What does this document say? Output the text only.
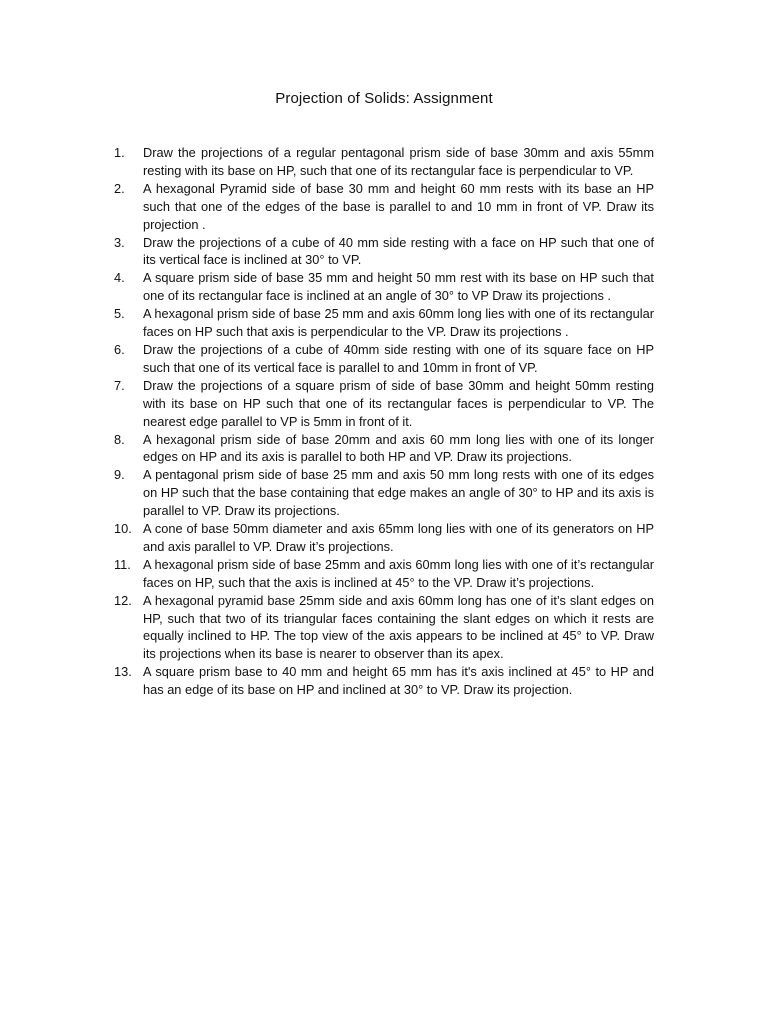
Projection of Solids: Assignment
1.	Draw the projections of a regular pentagonal prism side of base 30mm and axis 55mm resting with its base on HP, such that one of its rectangular face is perpendicular to VP.
2.	A hexagonal Pyramid side of base 30 mm and height 60 mm rests with its base an HP such that one of the edges of the base is parallel to and 10 mm in front of VP. Draw its projection .
3.	Draw the projections of a cube of 40 mm side resting with a face on HP such that one of its vertical face is inclined at 30° to VP.
4.	A square prism side of base 35 mm and height 50 mm rest with its base on HP such that one of its rectangular face is inclined at an angle of 30° to VP Draw its projections .
5.	A hexagonal prism side of base 25 mm and axis 60mm long lies with one of its rectangular faces on HP such that axis is perpendicular to the VP. Draw its projections .
6.	Draw the projections of a cube of 40mm side resting with one of its square face on HP such that one of its vertical face is parallel to and 10mm in front of VP.
7.	Draw the projections of a square prism of side of base 30mm and height 50mm resting with its base on HP such that one of its rectangular faces is perpendicular to VP. The nearest edge parallel to VP is 5mm in front of it.
8.	A hexagonal prism side of base 20mm and axis 60 mm long lies with one of its longer edges on HP and its axis is parallel to both HP and VP. Draw its projections.
9.	A pentagonal prism side of base 25 mm and axis 50 mm long rests with one of its edges on HP such that the base containing that edge makes an angle of 30° to HP and its axis is parallel to VP. Draw its projections.
10. A cone of base 50mm diameter and axis 65mm long lies with one of its generators on HP and axis parallel to VP. Draw it’s projections.
11. A hexagonal prism side of base 25mm and axis 60mm long lies with one of it’s rectangular faces on HP, such that the axis is inclined at 45° to the VP. Draw it’s projections.
12. A hexagonal pyramid base 25mm side and axis 60mm long has one of it’s slant edges on HP, such that two of its triangular faces containing the slant edges on which it rests are equally inclined to HP. The top view of the axis appears to be inclined at 45° to VP. Draw its projections when its base is nearer to observer than its apex.
13. A square prism base to 40 mm and height 65 mm has it's axis inclined at 45° to HP and has an edge of its base on HP and inclined at 30° to VP. Draw its projection.
